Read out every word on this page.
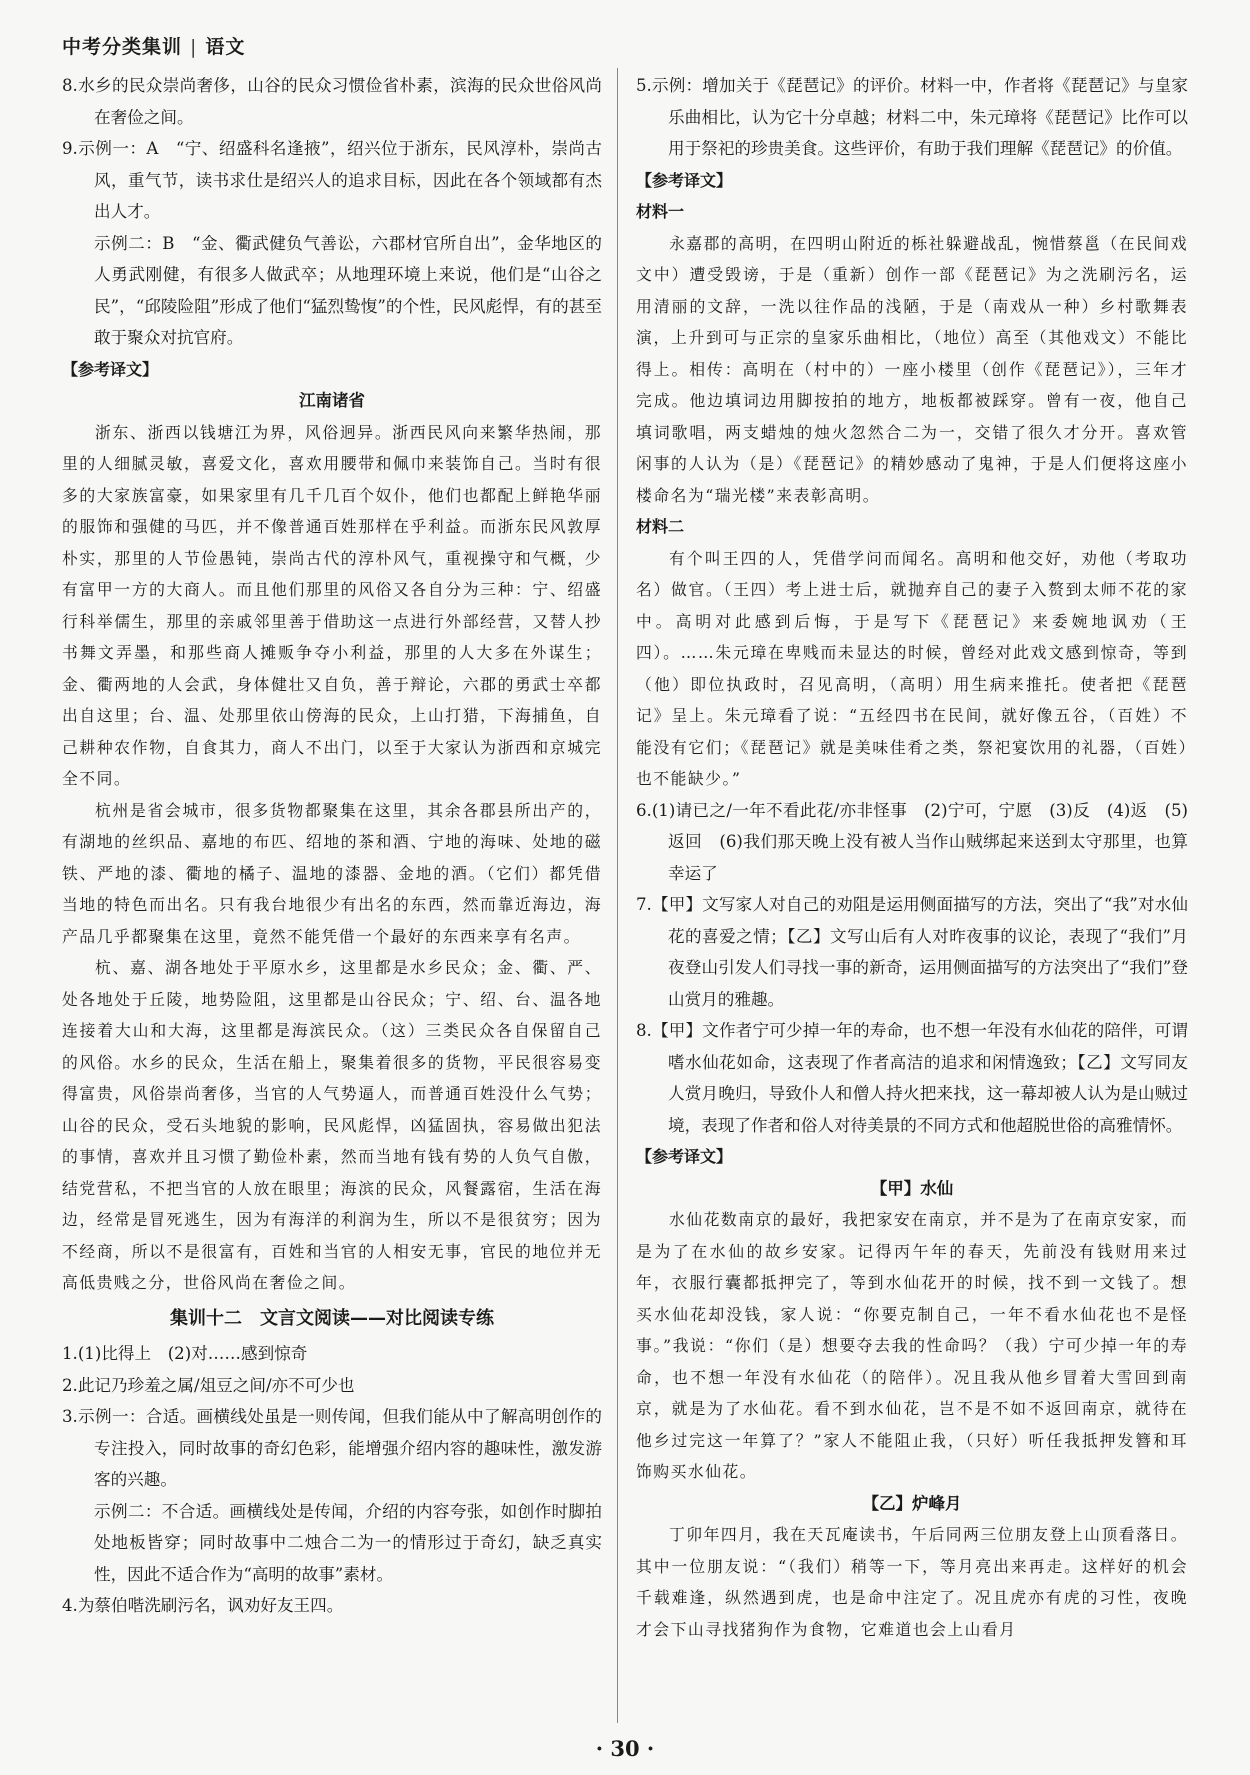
中考分类集训 | 语文

8.水乡的民众崇尚奢侈，山谷的民众习惯俭省朴素，滨海的民众世俗风尚在奢俭之间。

9.示例一：A　“宁、绍盛科名逢掖”，绍兴位于浙东，民风淳朴，崇尚古风，重气节，读书求仕是绍兴人的追求目标，因此在各个领域都有杰出人才。

示例二：B　“金、衢武健负气善讼，六郡材官所自出”，金华地区的人勇武刚健，有很多人做武卒；从地理环境上来说，他们是“山谷之民”，“邱陵险阻”形成了他们“猛烈鸷愎”的个性，民风彪悍，有的甚至敢于聚众对抗官府。

【参考译文】

江南诸省

浙东、浙西以钱塘江为界，风俗迥异。浙西民风向来繁华热闹，那里的人细腻灵敏，喜爱文化，喜欢用腰带和佩巾来装饰自己。当时有很多的大家族富豪，如果家里有几千几百个奴仆，他们也都配上鲜艳华丽的服饰和强健的马匹，并不像普通百姓那样在乎利益。而浙东民风敦厚朴实，那里的人节俭愚钝，崇尚古代的淳朴风气，重视操守和气概，少有富甲一方的大商人。而且他们那里的风俗又各自分为三种：宁、绍盛行科举儒生，那里的亲戚邻里善于借助这一点进行外部经营，又替人抄书舞文弄墨，和那些商人摊贩争夺小利益，那里的人大多在外谋生；金、衢两地的人会武，身体健壮又自负，善于辩论，六郡的勇武士卒都出自这里；台、温、处那里依山傍海的民众，上山打猎，下海捕鱼，自己耕种农作物，自食其力，商人不出门，以至于大家认为浙西和京城完全不同。

杭州是省会城市，很多货物都聚集在这里，其余各郡县所出产的，有湖地的丝织品、嘉地的布匹、绍地的茶和酒、宁地的海味、处地的磁铁、严地的漆、衢地的橘子、温地的漆器、金地的酒。（它们）都凭借当地的特色而出名。只有我台地很少有出名的东西，然而靠近海边，海产品几乎都聚集在这里，竟然不能凭借一个最好的东西来享有名声。

杭、嘉、湖各地处于平原水乡，这里都是水乡民众；金、衢、严、处各地处于丘陵，地势险阻，这里都是山谷民众；宁、绍、台、温各地连接着大山和大海，这里都是海滨民众。（这）三类民众各自保留自己的风俗。水乡的民众，生活在船上，聚集着很多的货物，平民很容易变得富贵，风俗崇尚奢侈，当官的人气势逼人，而普通百姓没什么气势；山谷的民众，受石头地貌的影响，民风彪悍，凶猛固执，容易做出犯法的事情，喜欢并且习惯了勤俭朴素，然而当地有钱有势的人负气自傲，结党营私，不把当官的人放在眼里；海滨的民众，风餐露宿，生活在海边，经常是冒死逃生，因为有海洋的利润为生，所以不是很贫穷；因为不经商，所以不是很富有，百姓和当官的人相安无事，官民的地位并无高低贵贱之分，世俗风尚在奢俭之间。

集训十二　文言文阅读——对比阅读专练

1.(1)比得上　(2)对……感到惊奇

2.此记乃珍羞之属/俎豆之间/亦不可少也

3.示例一：合适。画横线处虽是一则传闻，但我们能从中了解高明创作的专注投入，同时故事的奇幻色彩，能增强介绍内容的趣味性，激发游客的兴趣。

示例二：不合适。画横线处是传闻，介绍的内容夸张，如创作时脚拍处地板皆穿；同时故事中二烛合二为一的情形过于奇幻，缺乏真实性，因此不适合作为“高明的故事”素材。

4.为蔡伯喈洗刷污名，讽劝好友王四。

5.示例：增加关于《琵琶记》的评价。材料一中，作者将《琵琶记》与皇家乐曲相比，认为它十分卓越；材料二中，朱元璋将《琵琶记》比作可以用于祭祀的珍贵美食。这些评价，有助于我们理解《琵琶记》的价值。

【参考译文】

材料一

永嘉郡的高明，在四明山附近的栎社躲避战乱，惋惜蔡邕（在民间戏文中）遭受毁谤，于是（重新）创作一部《琵琶记》为之洗刷污名，运用清丽的文辞，一洗以往作品的浅陋，于是（南戏从一种）乡村歌舞表演，上升到可与正宗的皇家乐曲相比，（地位）高至（其他戏文）不能比得上。相传：高明在（村中的）一座小楼里（创作《琵琶记》），三年才完成。他边填词边用脚按拍的地方，地板都被踩穿。曾有一夜，他自己填词歌唱，两支蜡烛的烛火忽然合二为一，交错了很久才分开。喜欢管闲事的人认为（是）《琵琶记》的精妙感动了鬼神，于是人们便将这座小楼命名为“瑞光楼”来表彰高明。

材料二

有个叫王四的人，凭借学问而闻名。高明和他交好，劝他（考取功名）做官。（王四）考上进士后，就抛弃自己的妻子入赘到太师不花的家中。高明对此感到后悔，于是写下《琵琶记》来委婉地讽劝（王四）。……朱元璋在卑贱而未显达的时候，曾经对此戏文感到惊奇，等到（他）即位执政时，召见高明，（高明）用生病来推托。使者把《琵琶记》呈上。朱元璋看了说：“五经四书在民间，就好像五谷，（百姓）不能没有它们；《琵琶记》就是美味佳肴之类，祭祀宴饮用的礼器，（百姓）也不能缺少。”

6.(1)请已之/一年不看此花/亦非怪事　(2)宁可，宁愿　(3)反　(4)返　(5)返回　(6)我们那天晚上没有被人当作山贼绑起来送到太守那里，也算幸运了

7.【甲】文写家人对自己的劝阻是运用侧面描写的方法，突出了“我”对水仙花的喜爱之情；【乙】文写山后有人对昨夜事的议论，表现了“我们”月夜登山引发人们寻找一事的新奇，运用侧面描写的方法突出了“我们”登山赏月的雅趣。

8.【甲】文作者宁可少掉一年的寿命，也不想一年没有水仙花的陪伴，可谓嗜水仙花如命，这表现了作者高洁的追求和闲情逸致；【乙】文写同友人赏月晚归，导致仆人和僧人持火把来找，这一幕却被人认为是山贼过境，表现了作者和俗人对待美景的不同方式和他超脱世俗的高雅情怀。

【参考译文】

【甲】水仙

水仙花数南京的最好，我把家安在南京，并不是为了在南京安家，而是为了在水仙的故乡安家。记得丙午年的春天，先前没有钱财用来过年，衣服行囊都抵押完了，等到水仙花开的时候，找不到一文钱了。想买水仙花却没钱，家人说：“你要克制自己，一年不看水仙花也不是怪事。”我说：“你们（是）想要夺去我的性命吗？（我）宁可少掉一年的寿命，也不想一年没有水仙花（的陪伴）。况且我从他乡冒着大雪回到南京，就是为了水仙花。看不到水仙花，岂不是不如不返回南京，就待在他乡过完这一年算了？”家人不能阻止我，（只好）听任我抵押发簪和耳饰购买水仙花。

【乙】炉峰月

丁卯年四月，我在天瓦庵读书，午后同两三位朋友登上山顶看落日。其中一位朋友说：“（我们）稍等一下，等月亮出来再走。这样好的机会千载难逢，纵然遇到虎，也是命中注定了。况且虎亦有虎的习性，夜晚才会下山寻找猪狗作为食物，它难道也会上山看月

· 30 ·
